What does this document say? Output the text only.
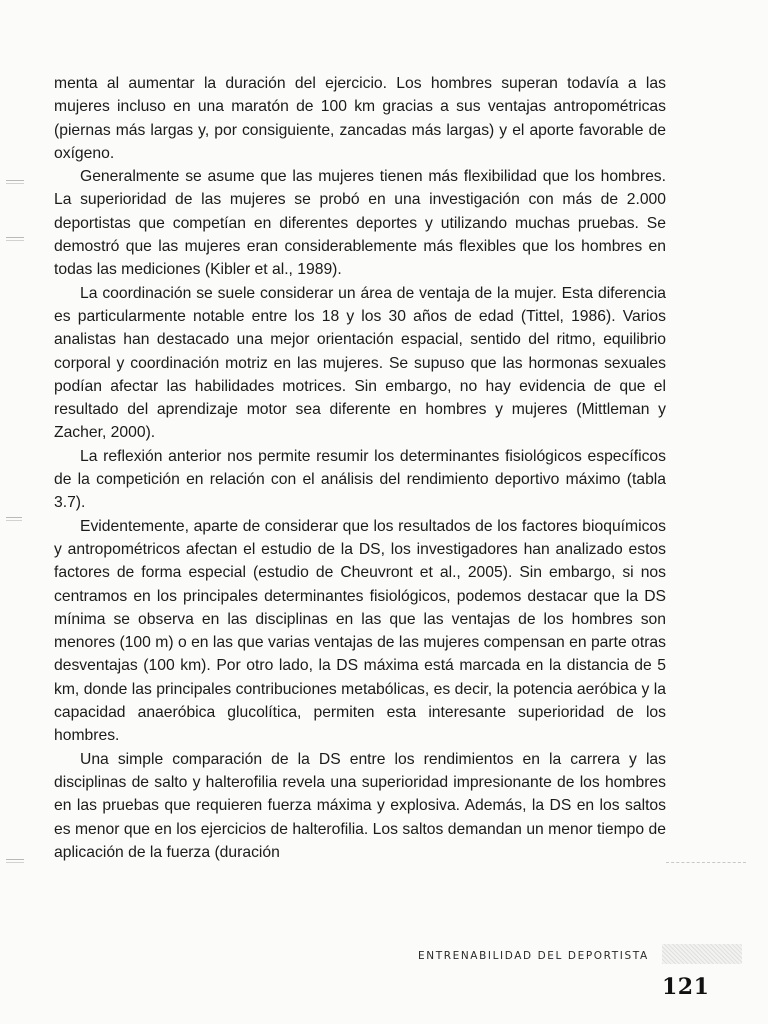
menta al aumentar la duración del ejercicio. Los hombres superan todavía a las mujeres incluso en una maratón de 100 km gracias a sus ventajas antropométricas (piernas más largas y, por consiguiente, zancadas más largas) y el aporte favorable de oxígeno.

Generalmente se asume que las mujeres tienen más flexibilidad que los hombres. La superioridad de las mujeres se probó en una investigación con más de 2.000 deportistas que competían en diferentes deportes y utilizando muchas pruebas. Se demostró que las mujeres eran considerablemente más flexibles que los hombres en todas las mediciones (Kibler et al., 1989).

La coordinación se suele considerar un área de ventaja de la mujer. Esta diferencia es particularmente notable entre los 18 y los 30 años de edad (Tittel, 1986). Varios analistas han destacado una mejor orientación espacial, sentido del ritmo, equilibrio corporal y coordinación motriz en las mujeres. Se supuso que las hormonas sexuales podían afectar las habilidades motrices. Sin embargo, no hay evidencia de que el resultado del aprendizaje motor sea diferente en hombres y mujeres (Mittleman y Zacher, 2000).

La reflexión anterior nos permite resumir los determinantes fisiológicos específicos de la competición en relación con el análisis del rendimiento deportivo máximo (tabla 3.7).

Evidentemente, aparte de considerar que los resultados de los factores bioquímicos y antropométricos afectan el estudio de la DS, los investigadores han analizado estos factores de forma especial (estudio de Cheuvront et al., 2005). Sin embargo, si nos centramos en los principales determinantes fisiológicos, podemos destacar que la DS mínima se observa en las disciplinas en las que las ventajas de los hombres son menores (100 m) o en las que varias ventajas de las mujeres compensan en parte otras desventajas (100 km). Por otro lado, la DS máxima está marcada en la distancia de 5 km, donde las principales contribuciones metabólicas, es decir, la potencia aeróbica y la capacidad anaeróbica glucolítica, permiten esta interesante superioridad de los hombres.

Una simple comparación de la DS entre los rendimientos en la carrera y las disciplinas de salto y halterofilia revela una superioridad impresionante de los hombres en las pruebas que requieren fuerza máxima y explosiva. Además, la DS en los saltos es menor que en los ejercicios de halterofilia. Los saltos demandan un menor tiempo de aplicación de la fuerza (duración

ENTRENABILIDAD DEL DEPORTISTA
121
